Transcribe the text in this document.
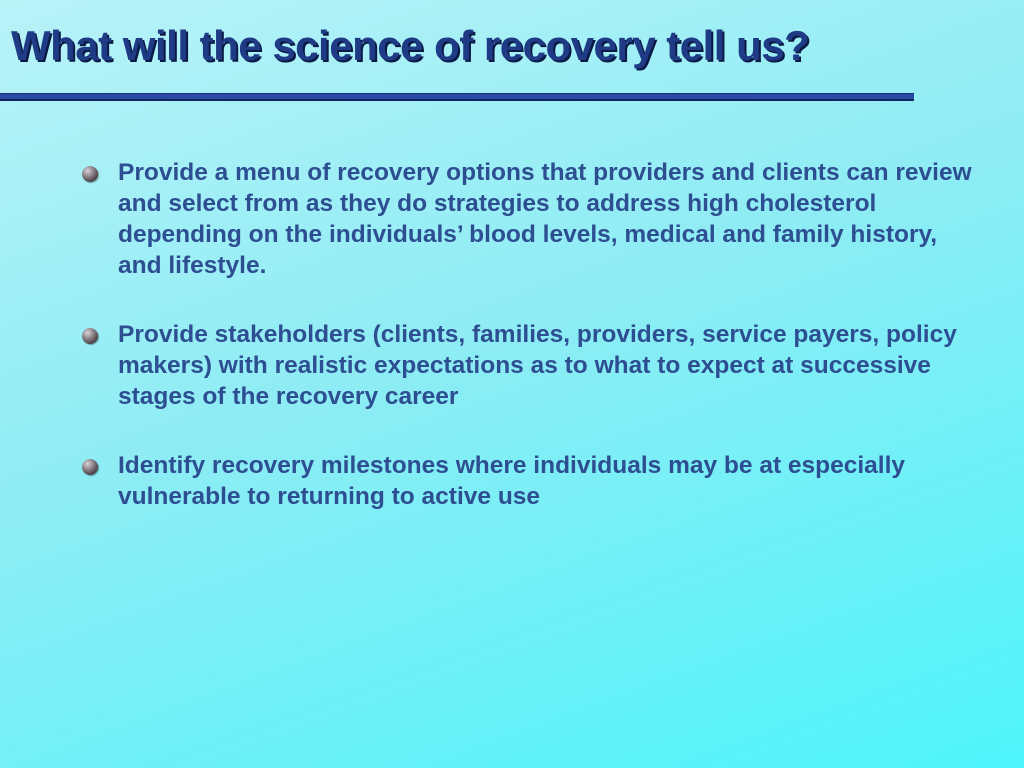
What will the science of recovery tell us?
Provide a menu of recovery options that providers and clients can review and select from as they do strategies to address high cholesterol depending on the individuals’ blood levels, medical and family history, and lifestyle.
Provide stakeholders (clients, families, providers, service payers, policy makers) with realistic expectations as to what to expect at successive stages of the recovery career
Identify recovery milestones where individuals may be at especially vulnerable to returning to active use
